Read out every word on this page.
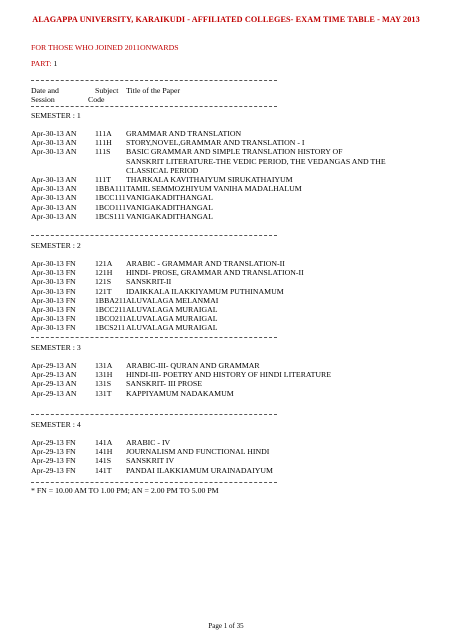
ALAGAPPA UNIVERSITY, KARAIKUDI - AFFILIATED COLLEGES- EXAM TIME TABLE - MAY 2013
FOR THOSE WHO JOINED 2011ONWARDS
PART: 1
Date and
Session
Subject
Code
Title of the Paper
SEMESTER : 1
Apr-30-13 AN 111A GRAMMAR AND TRANSLATION
Apr-30-13 AN 111H STORY,NOVEL,GRAMMAR AND TRANSLATION - I
Apr-30-13 AN 111S BASIC GRAMMAR AND SIMPLE TRANSLATION HISTORY OF
SANSKRIT LITERATURE-THE VEDIC PERIOD, THE VEDANGAS AND THE
CLASSICAL PERIOD
Apr-30-13 AN 111T THARKALA KAVITHAIYUM SIRUKATHAIYUM
Apr-30-13 AN 1BBA111 TAMIL SEMMOZHIYUM VANIHA MADALHALUM
Apr-30-13 AN 1BCC111 VANIGAKADITHANGAL
Apr-30-13 AN 1BCO111 VANIGAKADITHANGAL
Apr-30-13 AN 1BCS111 VANIGAKADITHANGAL
SEMESTER : 2
Apr-30-13 FN 121A ARABIC - GRAMMAR AND TRANSLATION-II
Apr-30-13 FN 121H HINDI- PROSE, GRAMMAR AND TRANSLATION-II
Apr-30-13 FN 121S SANSKRIT-II
Apr-30-13 FN 121T IDAIKKALA ILAKKIYAMUM PUTHINAMUM
Apr-30-13 FN 1BBA211 ALUVALAGA MELANMAI
Apr-30-13 FN 1BCC211 ALUVALAGA MURAIGAL
Apr-30-13 FN 1BCO211 ALUVALAGA MURAIGAL
Apr-30-13 FN 1BCS211 ALUVALAGA MURAIGAL
SEMESTER : 3
Apr-29-13 AN 131A ARABIC-III- QURAN AND GRAMMAR
Apr-29-13 AN 131H HINDI-III- POETRY AND HISTORY OF HINDI LITERATURE
Apr-29-13 AN 131S SANSKRIT- III PROSE
Apr-29-13 AN 131T KAPPIYAMUM NADAKAMUM
SEMESTER : 4
Apr-29-13 FN 141A ARABIC - IV
Apr-29-13 FN 141H JOURNALISM AND FUNCTIONAL HINDI
Apr-29-13 FN 141S SANSKRIT IV
Apr-29-13 FN 141T PANDAI ILAKKIAMUM URAINADAIYUM
* FN = 10.00 AM TO 1.00 PM; AN = 2.00 PM TO 5.00 PM
Page 1 of 35
